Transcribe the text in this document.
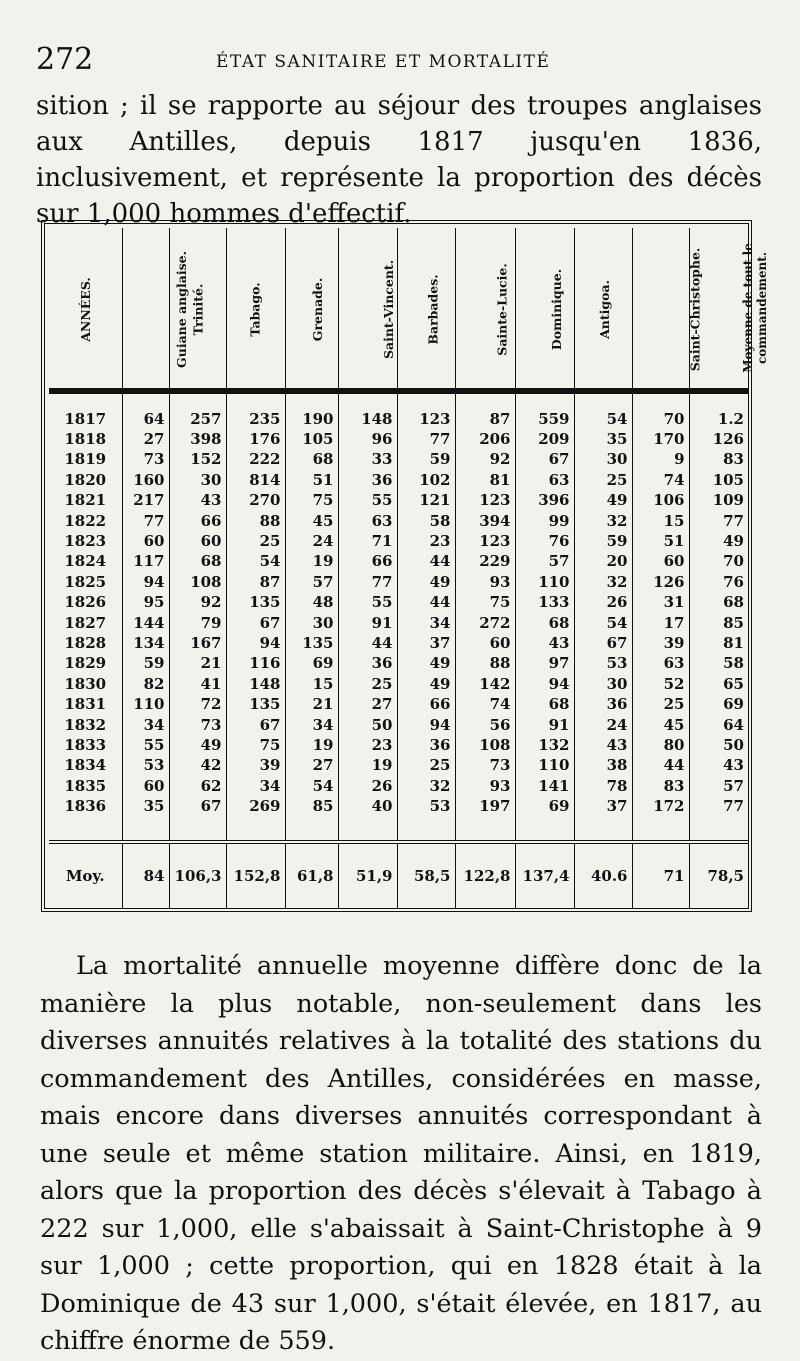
272	ÉTAT SANITAIRE ET MORTALITÉ

sition ; il se rapporte au séjour des troupes anglaises aux Antilles, depuis 1817 jusqu'en 1836, inclusivement, et représente la proportion des décès sur 1,000 hommes d'effectif.

ANNÉES.	Guiane anglaise.	Trinité.	Tabago.	Grenade.	Saint-Vincent.	Barbades.	Sainte-Lucie.	Dominique.	Antigoa.	Saint-Christophe.	Moyenne de tout le commandement.

1817	64	257	235	190	148	123	87	559	54	70	1.2
1818	27	398	176	105	96	77	206	209	35	170	126
1819	73	152	222	68	33	59	92	67	30	9	83
1820	160	30	814	51	36	102	81	63	25	74	105
1821	217	43	270	75	55	121	123	396	49	106	109
1822	77	66	88	45	63	58	394	99	32	15	77
1823	60	60	25	24	71	23	123	76	59	51	49
1824	117	68	54	19	66	44	229	57	20	60	70
1825	94	108	87	57	77	49	93	110	32	126	76
1826	95	92	135	48	55	44	75	133	26	31	68
1827	144	79	67	30	91	34	272	68	54	17	85
1828	134	167	94	135	44	37	60	43	67	39	81
1829	59	21	116	69	36	49	88	97	53	63	58
1830	82	41	148	15	25	49	142	94	30	52	65
1831	110	72	135	21	27	66	74	68	36	25	69
1832	34	73	67	34	50	94	56	91	24	45	64
1833	55	49	75	19	23	36	108	132	43	80	50
1834	53	42	39	27	19	25	73	110	38	44	43
1835	60	62	34	54	26	32	93	141	78	83	57
1836	35	67	269	85	40	53	197	69	37	172	77

Moy.	84	106,3	152,8	61,8	51,9	58,5	122,8	137,4	40.6	71	78,5

La mortalité annuelle moyenne diffère donc de la manière la plus notable, non-seulement dans les diverses annuités relatives à la totalité des stations du commandement des Antilles, considérées en masse, mais encore dans diverses annuités correspondant à une seule et même station militaire. Ainsi, en 1819, alors que la proportion des décès s'élevait à Tabago à 222 sur 1,000, elle s'abaissait à Saint-Christophe à 9 sur 1,000 ; cette proportion, qui en 1828 était à la Dominique de 43 sur 1,000, s'était élevée, en 1817, au chiffre énorme de 559.
